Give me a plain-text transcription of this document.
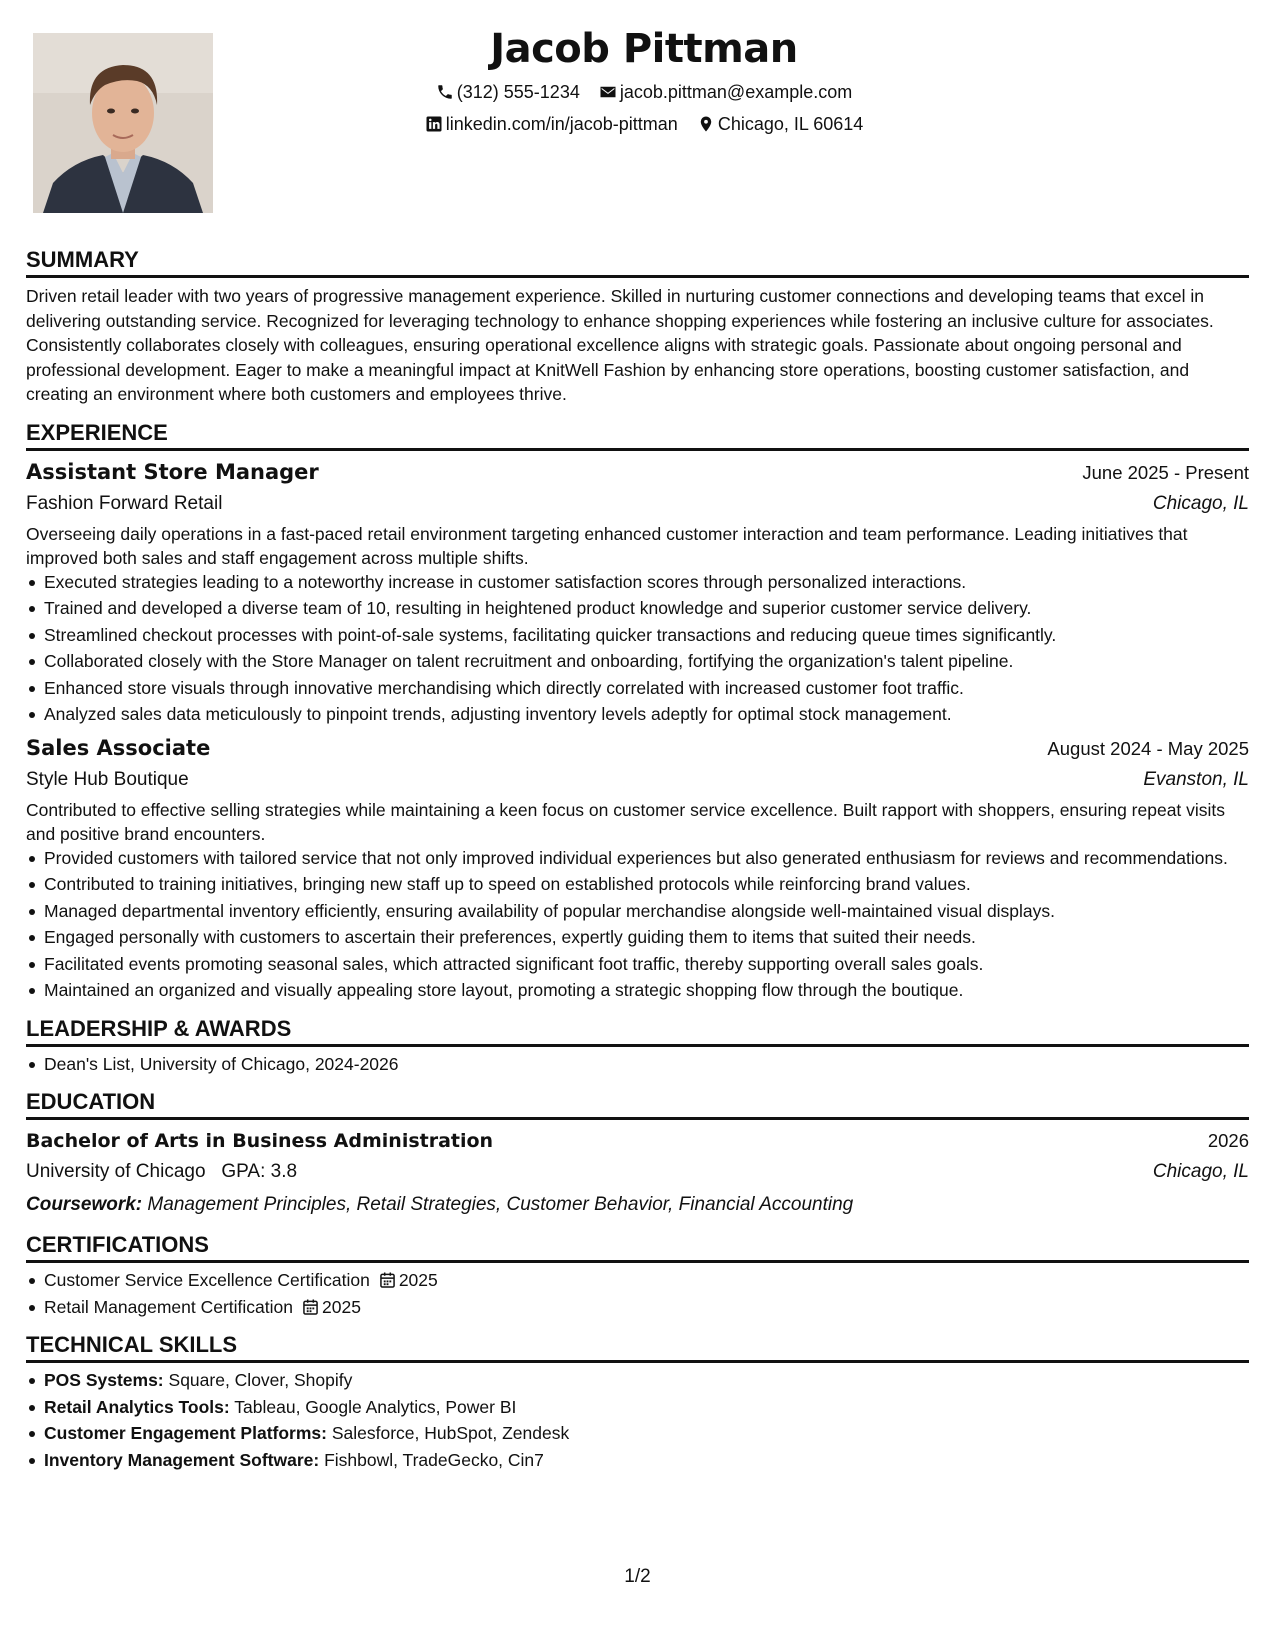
Jacob Pittman
(312) 555-1234 jacob.pittman@example.com
linkedin.com/in/jacob-pittman Chicago, IL 60614
SUMMARY

Driven retail leader with two years of progressive management experience. Skilled in nurturing customer connections and developing teams that excel in delivering outstanding service. Recognized for leveraging technology to enhance shopping experiences while fostering an inclusive culture for associates. Consistently collaborates closely with colleagues, ensuring operational excellence aligns with strategic goals. Passionate about ongoing personal and professional development. Eager to make a meaningful impact at KnitWell Fashion by enhancing store operations, boosting customer satisfaction, and creating an environment where both customers and employees thrive.

EXPERIENCE
Assistant Store Manager	June 2025 - Present
Fashion Forward Retail	Chicago, IL

Overseeing daily operations in a fast-paced retail environment targeting enhanced customer interaction and team performance. Leading initiatives that improved both sales and staff engagement across multiple shifts.

Executed strategies leading to a noteworthy increase in customer satisfaction scores through personalized interactions.
Trained and developed a diverse team of 10, resulting in heightened product knowledge and superior customer service delivery.
Streamlined checkout processes with point-of-sale systems, facilitating quicker transactions and reducing queue times significantly.
Collaborated closely with the Store Manager on talent recruitment and onboarding, fortifying the organization's talent pipeline.
Enhanced store visuals through innovative merchandising which directly correlated with increased customer foot traffic.
Analyzed sales data meticulously to pinpoint trends, adjusting inventory levels adeptly for optimal stock management.
Sales Associate	August 2024 - May 2025
Style Hub Boutique	Evanston, IL

Contributed to effective selling strategies while maintaining a keen focus on customer service excellence. Built rapport with shoppers, ensuring repeat visits and positive brand encounters.

Provided customers with tailored service that not only improved individual experiences but also generated enthusiasm for reviews and recommendations.
Contributed to training initiatives, bringing new staff up to speed on established protocols while reinforcing brand values.
Managed departmental inventory efficiently, ensuring availability of popular merchandise alongside well-maintained visual displays.
Engaged personally with customers to ascertain their preferences, expertly guiding them to items that suited their needs.
Facilitated events promoting seasonal sales, which attracted significant foot traffic, thereby supporting overall sales goals.
Maintained an organized and visually appealing store layout, promoting a strategic shopping flow through the boutique.
LEADERSHIP & AWARDS
Dean's List, University of Chicago, 2024-2026
EDUCATION
Bachelor of Arts in Business Administration	2026
University of Chicago GPA: 3.8	Chicago, IL
Coursework: Management Principles, Retail Strategies, Customer Behavior, Financial Accounting
CERTIFICATIONS
Customer Service Excellence Certification 2025
Retail Management Certification 2025
TECHNICAL SKILLS
POS Systems: Square, Clover, Shopify
Retail Analytics Tools: Tableau, Google Analytics, Power BI
Customer Engagement Platforms: Salesforce, HubSpot, Zendesk
Inventory Management Software: Fishbowl, TradeGecko, Cin7
1/2
